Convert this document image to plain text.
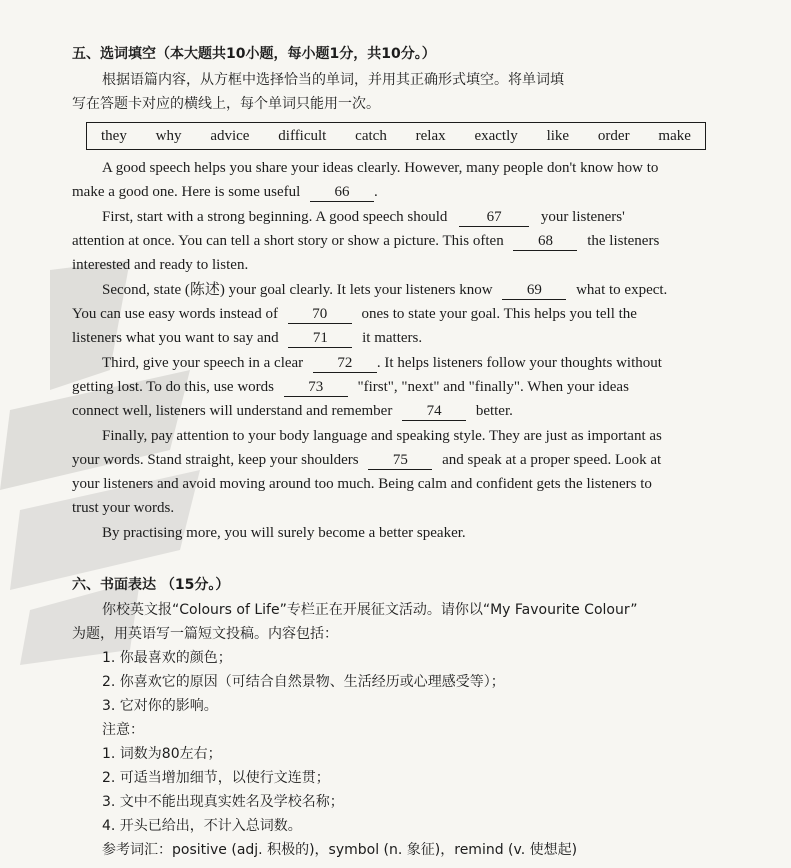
五、选词填空（本大题共10小题，每小题1分，共10分。）
根据语篇内容，从方框中选择恰当的单词，并用其正确形式填空。将单词填
写在答题卡对应的横线上，每个单词只能用一次。
they why advice difficult catch relax exactly like order make
A good speech helps you share your ideas clearly. However, many people don't know how to
make a good one. Here is some useful 66 .
First, start with a strong beginning. A good speech should	67	your listeners'
attention at once. You can tell a short story or show a picture. This often 68 the listeners
interested and ready to listen.
Second, state (陈述) your goal clearly. It lets your listeners know 69 what to expect.
You can use easy words instead of 70 ones to state your goal. This helps you tell the
listeners what you want to say and 71 it matters.
Third, give your speech in a clear 72 . It helps listeners follow your thoughts without
getting lost. To do this, use words 73 "first", "next" and "finally". When your ideas
connect well, listeners will understand and remember 74 better.
Finally, pay attention to your body language and speaking style. They are just as important as
your words. Stand straight, keep your shoulders 75 and speak at a proper speed. Look at
your listeners and avoid moving around too much. Being calm and confident gets the listeners to
trust your words.
By practising more, you will surely become a better speaker.
六、书面表达 （15分。）
你校英文报“Colours of Life”专栏正在开展征文活动。请你以“My Favourite Colour”
为题，用英语写一篇短文投稿。内容包括：
1. 你最喜欢的颜色；
2. 你喜欢它的原因（可结合自然景物、生活经历或心理感受等）；
3. 它对你的影响。
注意：
1. 词数为80左右；
2. 可适当增加细节，以使行文连贯；
3. 文中不能出现真实姓名及学校名称；
4. 开头已给出，不计入总词数。
参考词汇：positive (adj. 积极的)，symbol (n. 象征)，remind (v. 使想起)
